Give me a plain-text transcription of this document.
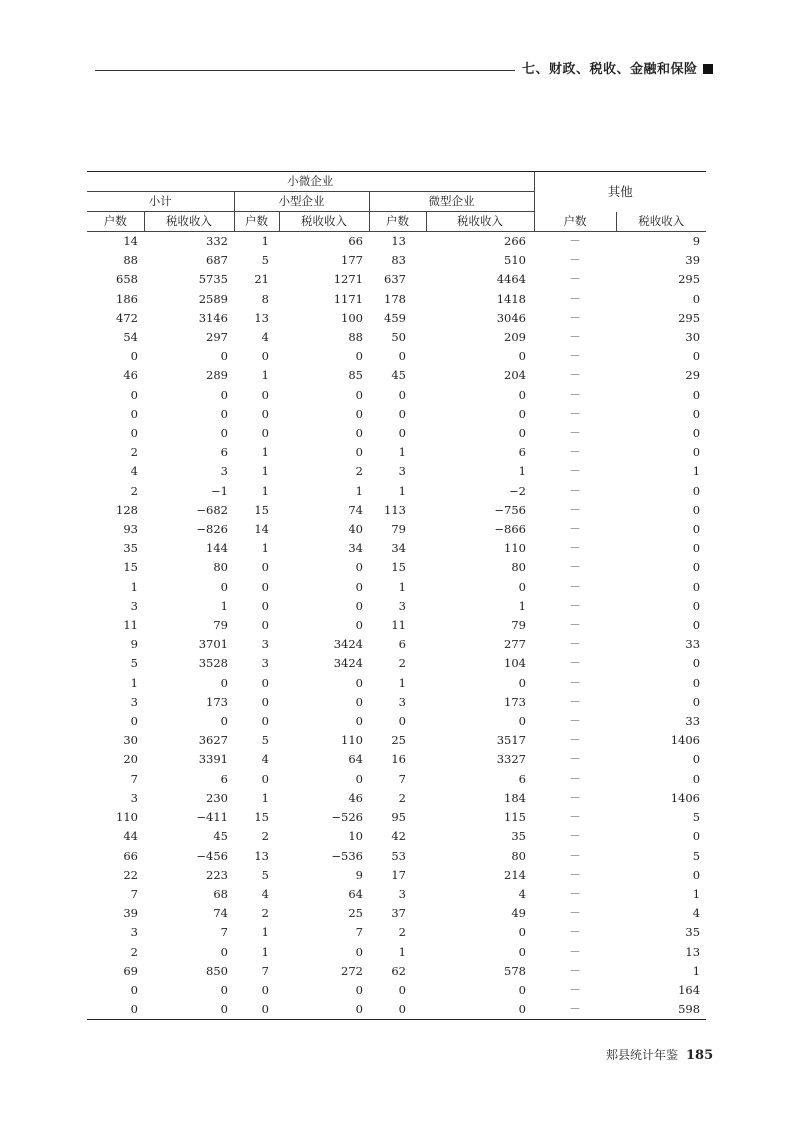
七、财政、税收、金融和保险
小微企业						其他	
小计		小型企业		微型企业			
户数	税收收入	户数	税收收入	户数	税收收入	户数	税收收入
14	332	1	66	13	266	－	9
88	687	5	177	83	510	－	39
658	5735	21	1271	637	4464	－	295
186	2589	8	1171	178	1418	－	0
472	3146	13	100	459	3046	－	295
54	297	4	88	50	209	－	30
0	0	0	0	0	0	－	0
46	289	1	85	45	204	－	29
0	0	0	0	0	0	－	0
0	0	0	0	0	0	－	0
0	0	0	0	0	0	－	0
2	6	1	0	1	6	－	0
4	3	1	2	3	1	－	1
2	−1	1	1	1	−2	－	0
128	−682	15	74	113	−756	－	0
93	−826	14	40	79	−866	－	0
35	144	1	34	34	110	－	0
15	80	0	0	15	80	－	0
1	0	0	0	1	0	－	0
3	1	0	0	3	1	－	0
11	79	0	0	11	79	－	0
9	3701	3	3424	6	277	－	33
5	3528	3	3424	2	104	－	0
1	0	0	0	1	0	－	0
3	173	0	0	3	173	－	0
0	0	0	0	0	0	－	33
30	3627	5	110	25	3517	－	1406
20	3391	4	64	16	3327	－	0
7	6	0	0	7	6	－	0
3	230	1	46	2	184	－	1406
110	−411	15	−526	95	115	－	5
44	45	2	10	42	35	－	0
66	−456	13	−536	53	80	－	5
22	223	5	9	17	214	－	0
7	68	4	64	3	4	－	1
39	74	2	25	37	49	－	4
3	7	1	7	2	0	－	35
2	0	1	0	1	0	－	13
69	850	7	272	62	578	－	1
0	0	0	0	0	0	－	164
0	0	0	0	0	0	－	598
郏县统计年鉴 185
